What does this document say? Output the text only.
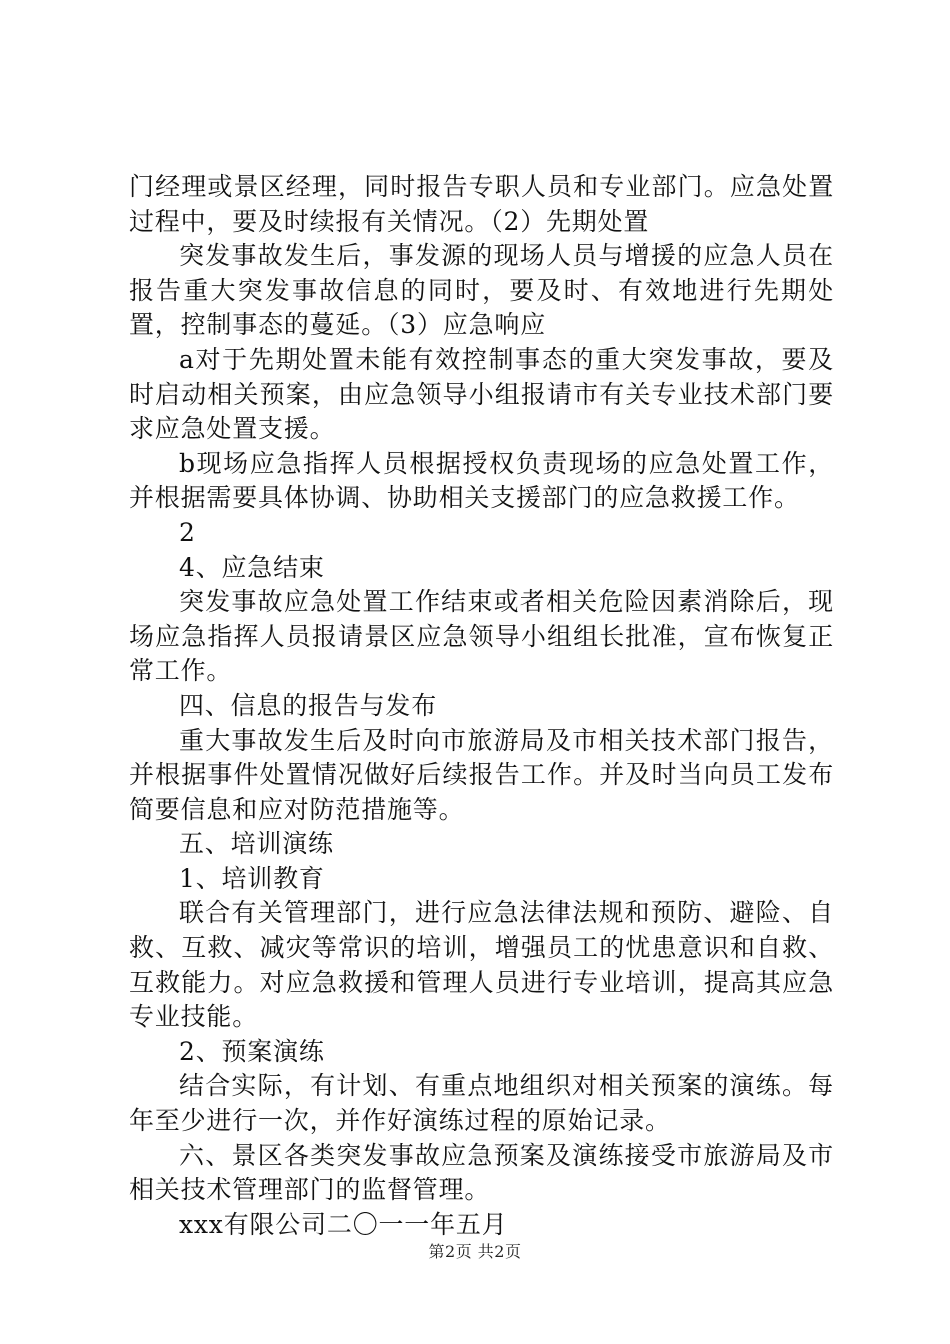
门经理或景区经理，同时报告专职人员和专业部门。应急处置过程中，要及时续报有关情况。（2）先期处置

突发事故发生后，事发源的现场人员与增援的应急人员在报告重大突发事故信息的同时，要及时、有效地进行先期处置，控制事态的蔓延。（3）应急响应

a对于先期处置未能有效控制事态的重大突发事故，要及时启动相关预案，由应急领导小组报请市有关专业技术部门要求应急处置支援。

b现场应急指挥人员根据授权负责现场的应急处置工作，并根据需要具体协调、协助相关支援部门的应急救援工作。

2

4、应急结束

突发事故应急处置工作结束或者相关危险因素消除后，现场应急指挥人员报请景区应急领导小组组长批准，宣布恢复正常工作。

四、信息的报告与发布

重大事故发生后及时向市旅游局及市相关技术部门报告，并根据事件处置情况做好后续报告工作。并及时当向员工发布简要信息和应对防范措施等。

五、培训演练

1、培训教育

联合有关管理部门，进行应急法律法规和预防、避险、自救、互救、减灾等常识的培训，增强员工的忧患意识和自救、互救能力。对应急救援和管理人员进行专业培训，提高其应急专业技能。

2、预案演练

结合实际，有计划、有重点地组织对相关预案的演练。每年至少进行一次，并作好演练过程的原始记录。

六、景区各类突发事故应急预案及演练接受市旅游局及市相关技术管理部门的监督管理。

xxx有限公司二〇一一年五月

第2页 共2页
